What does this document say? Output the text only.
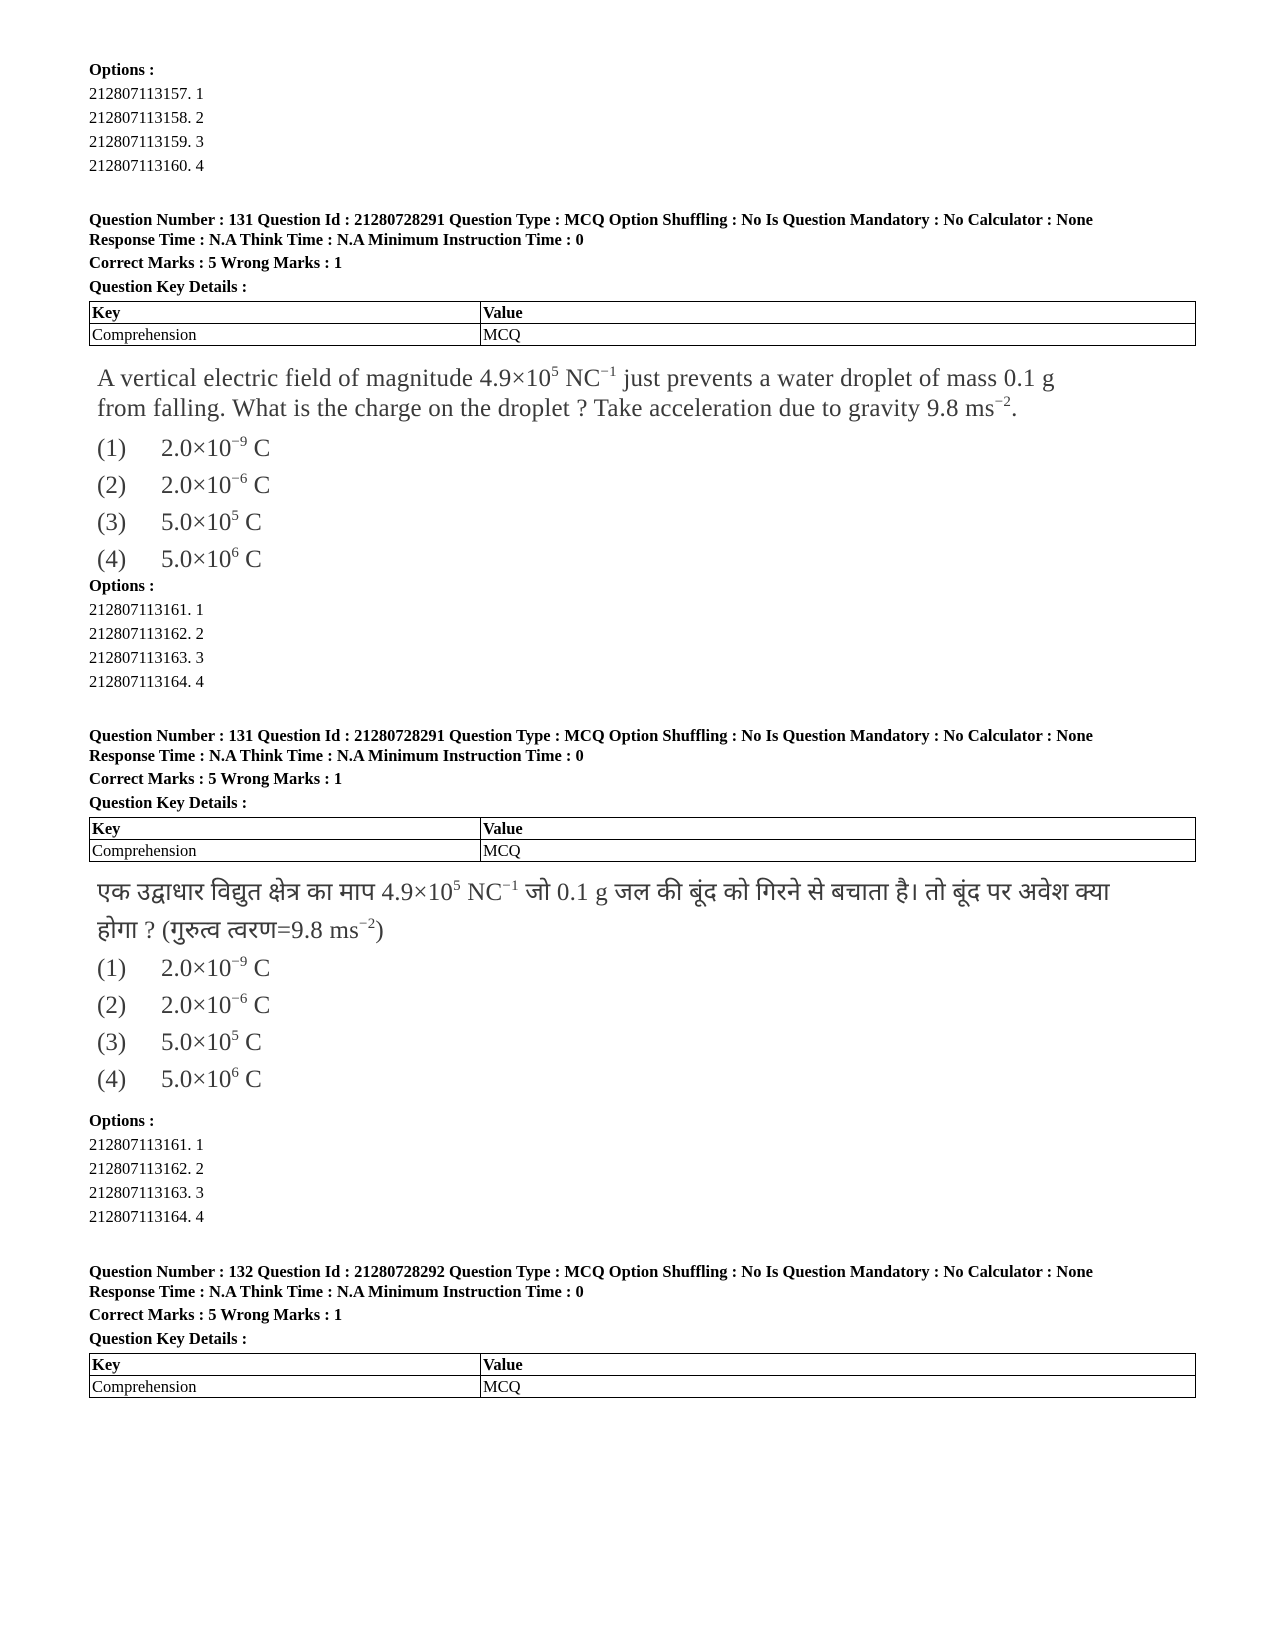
Options :
212807113157. 1
212807113158. 2
212807113159. 3
212807113160. 4
Question Number : 131 Question Id : 21280728291 Question Type : MCQ Option Shuffling : No Is Question Mandatory : No Calculator : None
Response Time : N.A Think Time : N.A Minimum Instruction Time : 0
Correct Marks : 5 Wrong Marks : 1
Question Key Details :
Key	Value
Comprehension	MCQ
A vertical electric field of magnitude $4.9\times 10^5$ $NC^{-1}$ just prevents a water droplet of mass 0.1 g
from falling. What is the charge on the droplet ? Take acceleration due to gravity 9.8 $ms^{-2}$.
(1) $2.0\times 10^{-9}$ C
(2) $2.0\times 10^{-6}$ C
(3) $5.0\times 10^5$ C
(4) $5.0\times 10^6$ C
Options :
212807113161. 1
212807113162. 2
212807113163. 3
212807113164. 4
Question Number : 131 Question Id : 21280728291 Question Type : MCQ Option Shuffling : No Is Question Mandatory : No Calculator : None
Response Time : N.A Think Time : N.A Minimum Instruction Time : 0
Correct Marks : 5 Wrong Marks : 1
Question Key Details :
Key	Value
Comprehension	MCQ
एक उद्वाधार विद्युत क्षेत्र का माप $4.9\times 10^5$ $NC^{-1}$ जो 0.1 g जल की बूंद को गिरने से बचाता है। तो बूंद पर अवेश क्या
होगा ? (गुरुत्व त्वरण=9.8 $ms^{-2}$)
(1) $2.0\times 10^{-9}$ C
(2) $2.0\times 10^{-6}$ C
(3) $5.0\times 10^5$ C
(4) $5.0\times 10^6$ C
Options :
212807113161. 1
212807113162. 2
212807113163. 3
212807113164. 4
Question Number : 132 Question Id : 21280728292 Question Type : MCQ Option Shuffling : No Is Question Mandatory : No Calculator : None
Response Time : N.A Think Time : N.A Minimum Instruction Time : 0
Correct Marks : 5 Wrong Marks : 1
Question Key Details :
Key	Value
Comprehension	MCQ
